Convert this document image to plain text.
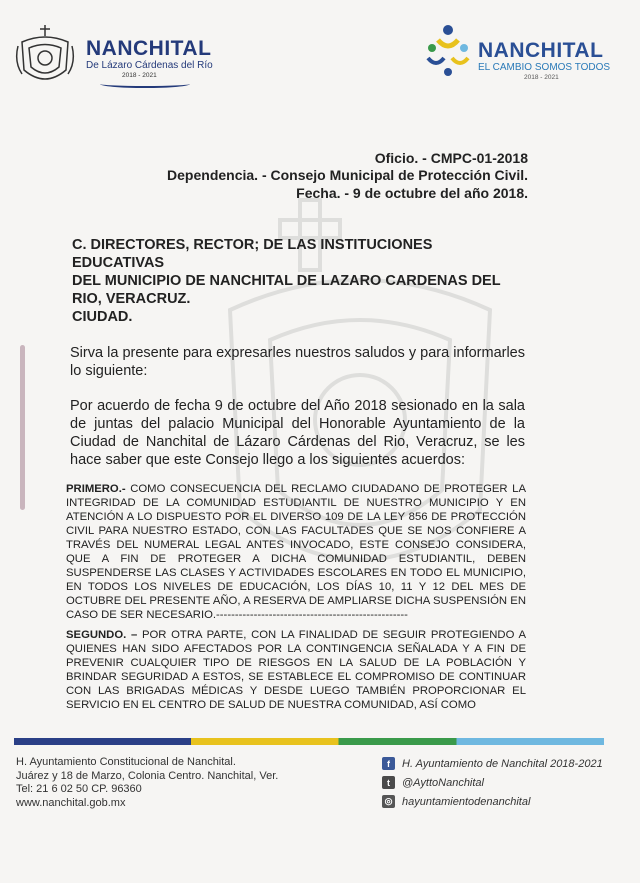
NANCHITAL
De Lázaro Cárdenas del Río
2018 - 2021
NANCHITAL
EL CAMBIO SOMOS TODOS
2018 - 2021
Oficio. - CMPC-01-2018
Dependencia. - Consejo Municipal de Protección Civil.
Fecha. - 9 de octubre del año 2018.
C. DIRECTORES, RECTOR; DE LAS INSTITUCIONES
EDUCATIVAS
DEL MUNICIPIO DE NANCHITAL DE LAZARO CARDENAS DEL
RIO, VERACRUZ.
CIUDAD.
Sirva la presente para expresarles nuestros saludos y para informarles lo siguiente:
Por acuerdo de fecha 9 de octubre del Año 2018 sesionado en la sala de juntas del palacio Municipal del Honorable Ayuntamiento de la Ciudad de Nanchital de Lázaro Cárdenas del Rio, Veracruz, se les hace saber que este Consejo llego a los siguientes acuerdos:
PRIMERO.- COMO CONSECUENCIA DEL RECLAMO CIUDADANO DE PROTEGER LA INTEGRIDAD DE LA COMUNIDAD ESTUDIANTIL DE NUESTRO MUNICIPIO Y EN ATENCIÓN A LO DISPUESTO POR EL DIVERSO 109 DE LA LEY 856 DE PROTECCIÓN CIVIL PARA NUESTRO ESTADO, CON LAS FACULTADES QUE SE NOS CONFIERE A TRAVÉS DEL NUMERAL LEGAL ANTES INVOCADO, ESTE CONSEJO CONSIDERA, QUE A FIN DE PROTEGER A DICHA COMUNIDAD ESTUDIANTIL, DEBEN SUSPENDERSE LAS CLASES Y ACTIVIDADES ESCOLARES EN TODO EL MUNICIPIO, EN TODOS LOS NIVELES DE EDUCACIÓN, LOS DÍAS 10, 11 Y 12 DEL MES DE OCTUBRE DEL PRESENTE AÑO, A RESERVA DE AMPLIARSE DICHA SUSPENSIÓN EN CASO DE SER NECESARIO.---------------------------------------------------
SEGUNDO. – POR OTRA PARTE, CON LA FINALIDAD DE SEGUIR PROTEGIENDO A QUIENES HAN SIDO AFECTADOS POR LA CONTINGENCIA SEÑALADA Y A FIN DE PREVENIR CUALQUIER TIPO DE RIESGOS EN LA SALUD DE LA POBLACIÓN Y BRINDAR SEGURIDAD A ESTOS, SE ESTABLECE EL COMPROMISO DE CONTINUAR CON LAS BRIGADAS MÉDICAS Y DESDE LUEGO TAMBIÉN PROPORCIONAR EL SERVICIO EN EL CENTRO DE SALUD DE NUESTRA COMUNIDAD, ASÍ COMO
H. Ayuntamiento Constitucional de Nanchital.
Juárez y 18 de Marzo, Colonia Centro. Nanchital, Ver.
Tel: 21 6 02 50 CP. 96360
www.nanchital.gob.mx
f	H. Ayuntamiento de Nanchital 2018-2021
t	@AyttoNanchital
◎ hayuntamientodenanchital
